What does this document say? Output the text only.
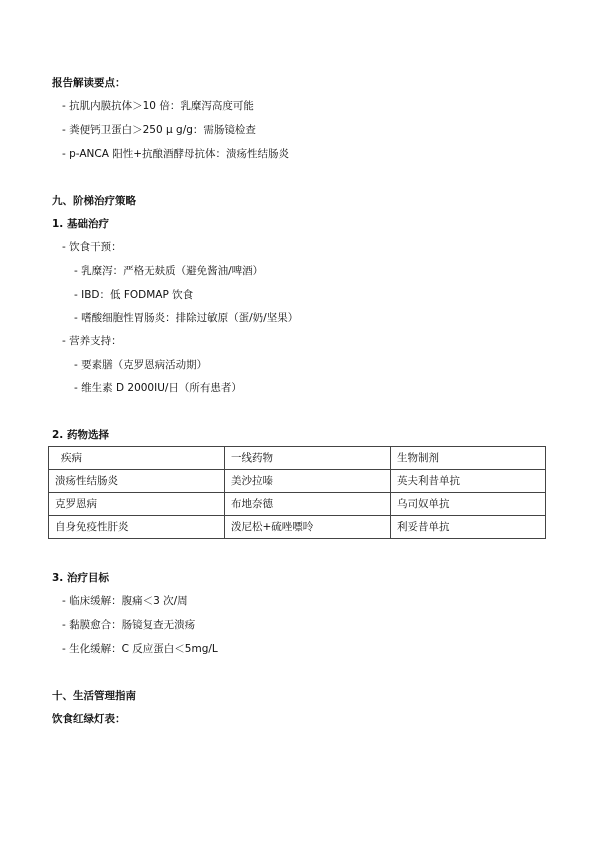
报告解读要点：
- 抗肌内膜抗体＞10 倍：乳糜泻高度可能
- 粪便钙卫蛋白＞250 μ g/g：需肠镜检查
- p-ANCA 阳性+抗酿酒酵母抗体：溃疡性结肠炎
九、阶梯治疗策略
1. 基础治疗
- 饮食干预：
- 乳糜泻：严格无麸质（避免酱油/啤酒）
- IBD：低 FODMAP 饮食
- 嗜酸细胞性胃肠炎：排除过敏原（蛋/奶/坚果）
- 营养支持：
- 要素膳（克罗恩病活动期）
- 维生素 D 2000IU/日（所有患者）
2. 药物选择
疾病	一线药物	生物制剂
溃疡性结肠炎	美沙拉嗪	英夫利昔单抗
克罗恩病	布地奈德	乌司奴单抗
自身免疫性肝炎	泼尼松+硫唑嘌呤	利妥昔单抗
3. 治疗目标
- 临床缓解：腹痛＜3 次/周
- 黏膜愈合：肠镜复查无溃疡
- 生化缓解：C 反应蛋白＜5mg/L
十、生活管理指南
饮食红绿灯表：
